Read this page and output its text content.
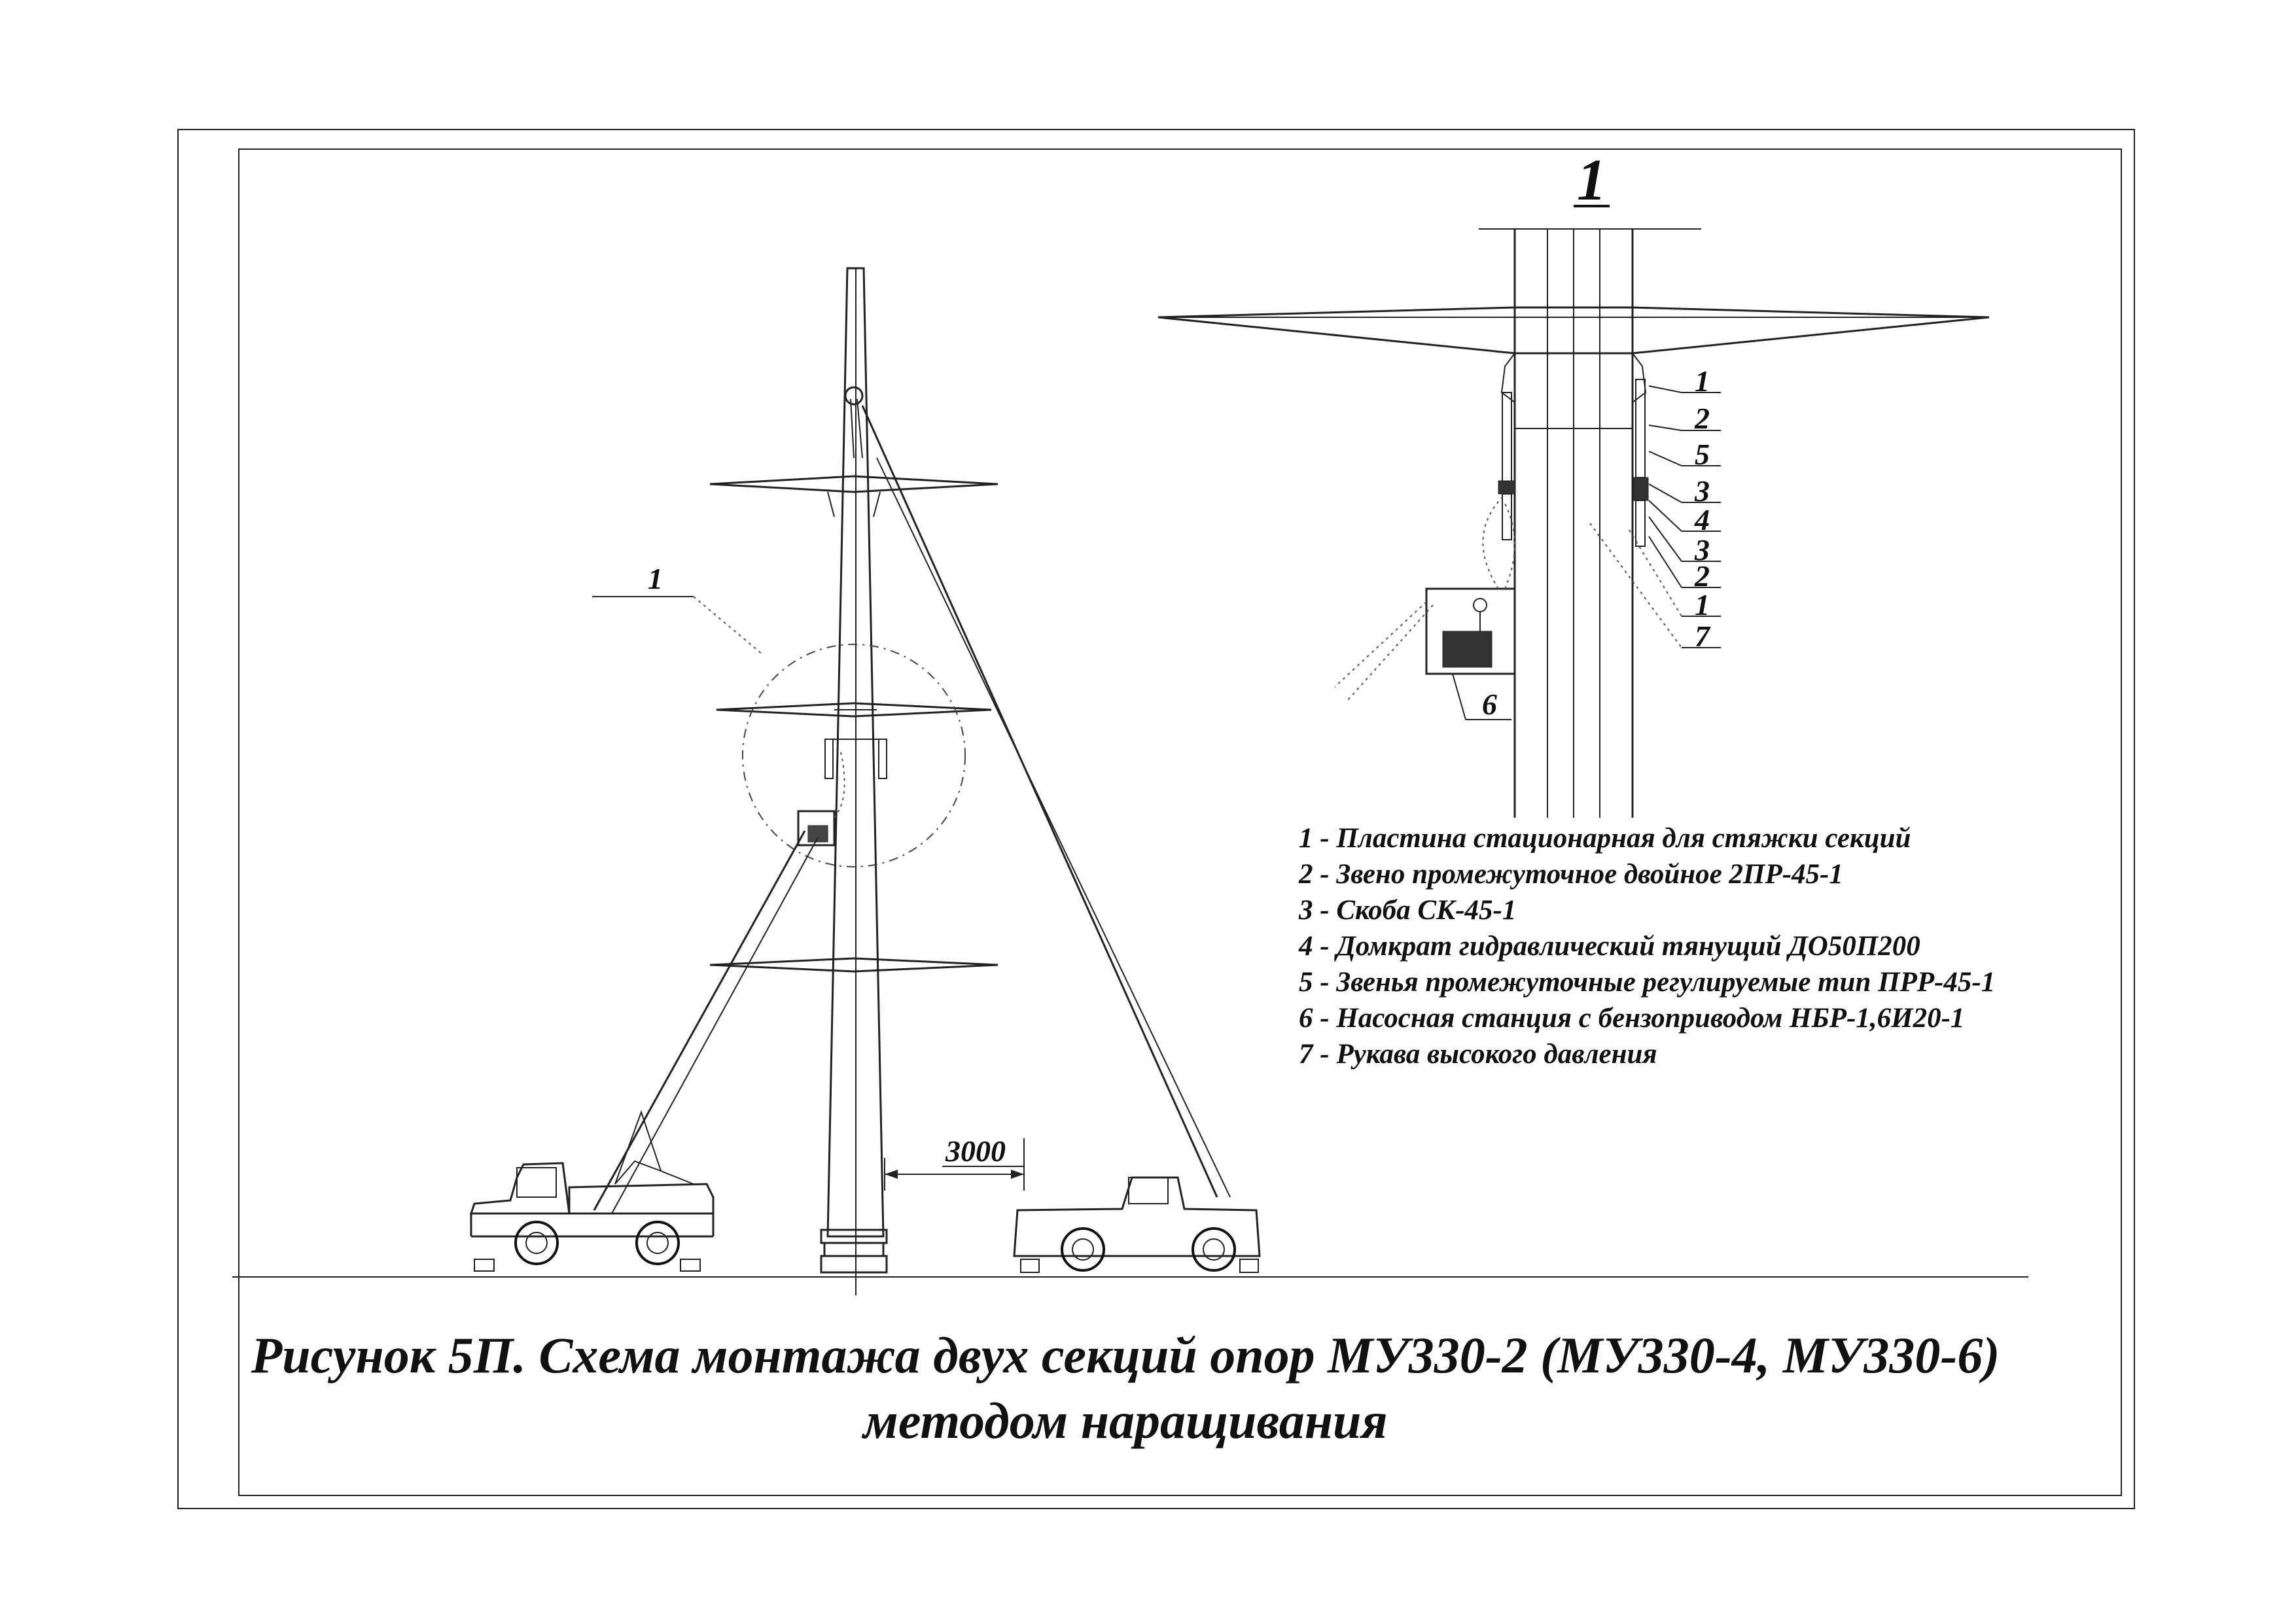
1
3000
1
1
2
5
3
4
3
2
1
7
6
1 - Пластина стационарная для стяжки секций
2 - Звено промежуточное двойное 2ПР-45-1
3 - Скоба СК-45-1
4 - Домкрат гидравлический тянущий ДО50П200
5 - Звенья промежуточные регулируемые тип ПРР-45-1
6 - Насосная станция с бензоприводом НБР-1,6И20-1
7 - Рукава высокого давления
Рисунок 5П. Схема монтажа двух секций опор МУ330-2 (МУ330-4, МУ330-6)
методом наращивания
